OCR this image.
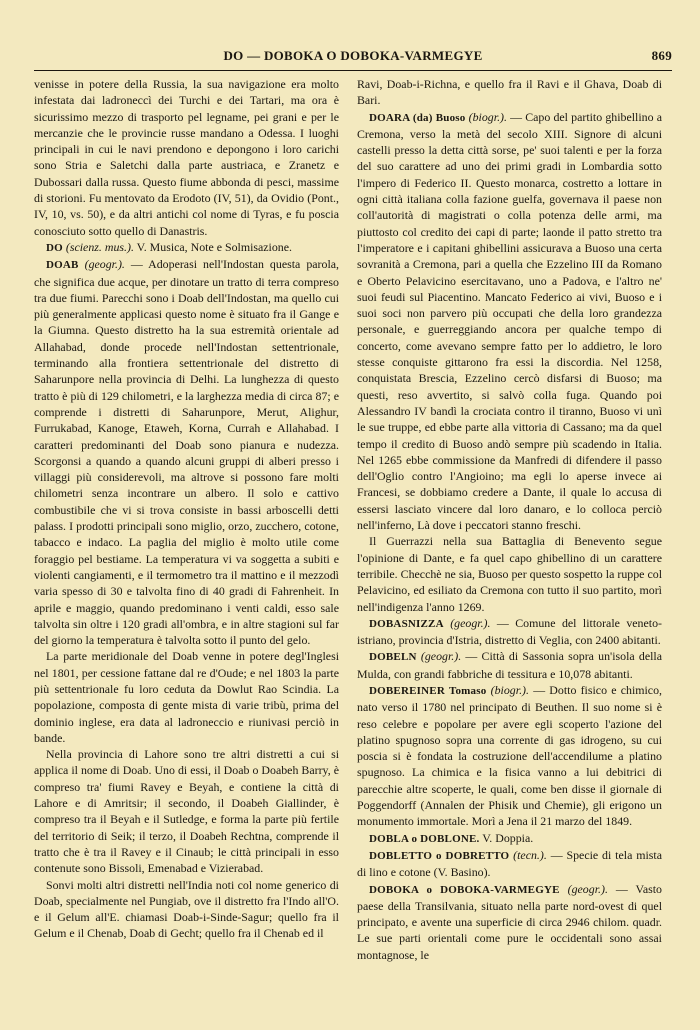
DO — DOBOKA O DOBOKA-VARMEGYE	869

venisse in potere della Russia, la sua navigazione era molto infestata dai ladroneccì dei Turchi e dei Tartari, ma ora è sicurissimo mezzo di trasporto pel legname, pei grani e per le mercanzie che le provincie russe mandano a Odessa. I luoghi principali in cui le navi prendono e depongono i loro carichi sono Stria e Saletchi dalla parte austriaca, e Zranetz e Dubossari dalla russa. Questo fiume abbonda di pesci, massime di storioni. Fu mentovato da Erodoto (IV, 51), da Ovidio (Pont., IV, 10, vs. 50), e da altri antichi col nome di Tyras, e fu poscia conosciuto sotto quello di Danastris.

DO (scienz. mus.). V. Musica, Note e Solmisazione.

DOAB (geogr.). — Adoperasi nell'Indostan questa parola, che significa due acque, per dinotare un tratto di terra compreso tra due fiumi. Parecchi sono i Doab dell'Indostan, ma quello cui più generalmente applicasi questo nome è situato fra il Gange e la Giumna. Questo distretto ha la sua estremità orientale ad Allahabad, donde procede nell'Indostan settentrionale, terminando alla frontiera settentrionale del distretto di Saharunpore nella provincia di Delhi. La lunghezza di questo tratto è più di 129 chilometri, e la larghezza media di circa 87; e comprende i distretti di Saharunpore, Merut, Alighur, Furrukabad, Kanoge, Etaweh, Korna, Currah e Allahabad. I caratteri predominanti del Doab sono pianura e nudezza. Scorgonsi a quando a quando alcuni gruppi di alberi presso i villaggi più considerevoli, ma altrove si possono fare molti chilometri senza incontrare un albero. Il solo e cattivo combustibile che vi si trova consiste in bassi arboscelli detti palass. I prodotti principali sono miglio, orzo, zucchero, cotone, tabacco e indaco. La paglia del miglio è molto utile come foraggio pel bestiame. La temperatura vi va soggetta a subiti e violenti cangiamenti, e il termometro tra il mattino e il mezzodì varia spesso di 30 e talvolta fino di 40 gradi di Fahrenheit. In aprile e maggio, quando predominano i venti caldi, esso sale talvolta sin oltre i 120 gradi all'ombra, e in altre stagioni sul far del giorno la temperatura è talvolta sotto il punto del gelo.

La parte meridionale del Doab venne in potere degl'Inglesi nel 1801, per cessione fattane dal re d'Oude; e nel 1803 la parte più settentrionale fu loro ceduta da Dowlut Rao Scindia. La popolazione, composta di gente mista di varie tribù, prima del dominio inglese, era data al ladroneccio e riunivasi perciò in bande.

Nella provincia di Lahore sono tre altri distretti a cui si applica il nome di Doab. Uno di essi, il Doab o Doabeh Barry, è compreso tra' fiumi Ravey e Beyah, e contiene la città di Lahore e di Amritsir; il secondo, il Doabeh Giallinder, è compreso tra il Beyah e il Sutledge, e forma la parte più fertile del territorio di Seik; il terzo, il Doabeh Rechtna, comprende il tratto che è tra il Ravey e il Cinaub; le città principali in esso contenute sono Bissoli, Emenabad e Vizierabad.

Sonvi molti altri distretti nell'India noti col nome generico di Doab, specialmente nel Pungiab, ove il distretto fra l'Indo all'O. e il Gelum all'E. chiamasi Doab-i-Sinde-Sagur; quello fra il Gelum e il Chenab, Doab di Gecht; quello fra il Chenab ed il

Ravi, Doab-i-Richna, e quello fra il Ravi e il Ghava, Doab di Bari.

DOARA (da) Buoso (biogr.). — Capo del partito ghibellino a Cremona, verso la metà del secolo XIII. Signore di alcuni castelli presso la detta città sorse, pe' suoi talenti e per la forza del suo carattere ad uno dei primi gradi in Lombardia sotto l'impero di Federico II. Questo monarca, costretto a lottare in ogni città italiana colla fazione guelfa, governava il paese non coll'autorità di magistrati o colla potenza delle armi, ma piuttosto col credito dei capi di parte; laonde il patto stretto tra l'imperatore e i capitani ghibellini assicurava a Buoso una certa sovranità a Cremona, pari a quella che Ezzelino III da Romano e Oberto Pelavicino esercitavano, uno a Padova, e l'altro ne' suoi feudi sul Piacentino. Mancato Federico ai vivi, Buoso e i suoi soci non parvero più occupati che della loro grandezza personale, e guerreggiando ancora per qualche tempo di concerto, come avevano sempre fatto per lo addietro, le loro stesse conquiste gittarono fra essi la discordia. Nel 1258, conquistata Brescia, Ezzelino cercò disfarsi di Buoso; ma questi, reso avvertito, si salvò colla fuga. Quando poi Alessandro IV bandì la crociata contro il tiranno, Buoso vi unì le sue truppe, ed ebbe parte alla vittoria di Cassano; ma da quel tempo il credito di Buoso andò sempre più scadendo in Italia. Nel 1265 ebbe commissione da Manfredi di difendere il passo dell'Oglio contro l'Angioino; ma egli lo aperse invece ai Francesi, se dobbiamo credere a Dante, il quale lo accusa di essersi lasciato vincere dal loro danaro, e lo colloca perciò nell'inferno, Là dove i peccatori stanno freschi.

Il Guerrazzi nella sua Battaglia di Benevento segue l'opinione di Dante, e fa quel capo ghibellino di un carattere terribile. Checchè ne sia, Buoso per questo sospetto la ruppe col Pelavicino, ed esiliato da Cremona con tutto il suo partito, morì nell'indigenza l'anno 1269.

DOBASNIZZA (geogr.). — Comune del littorale veneto-istriano, provincia d'Istria, distretto di Veglia, con 2400 abitanti.

DOBELN (geogr.). — Città di Sassonia sopra un'isola della Mulda, con grandi fabbriche di tessitura e 10,078 abitanti.

DOBEREINER Tomaso (biogr.). — Dotto fisico e chimico, nato verso il 1780 nel principato di Beuthen. Il suo nome si è reso celebre e popolare per avere egli scoperto l'azione del platino spugnoso sopra una corrente di gas idrogeno, su cui poscia si è fondata la costruzione dell'accendilume a platino spugnoso. La chimica e la fisica vanno a lui debitrici di parecchie altre scoperte, le quali, come ben disse il giornale di Poggendorff (Annalen der Phisik und Chemie), gli erigono un monumento immortale. Morì a Jena il 21 marzo del 1849.

DOBLA o DOBLONE. V. Doppia.

DOBLETTO o DOBRETTO (tecn.). — Specie di tela mista di lino e cotone (V. Basino).

DOBOKA o DOBOKA-VARMEGYE (geogr.). — Vasto paese della Transilvania, situato nella parte nord-ovest di quel principato, e avente una superficie di circa 2946 chilom. quadr. Le sue parti orientali come pure le occidentali sono assai montagnose, le
